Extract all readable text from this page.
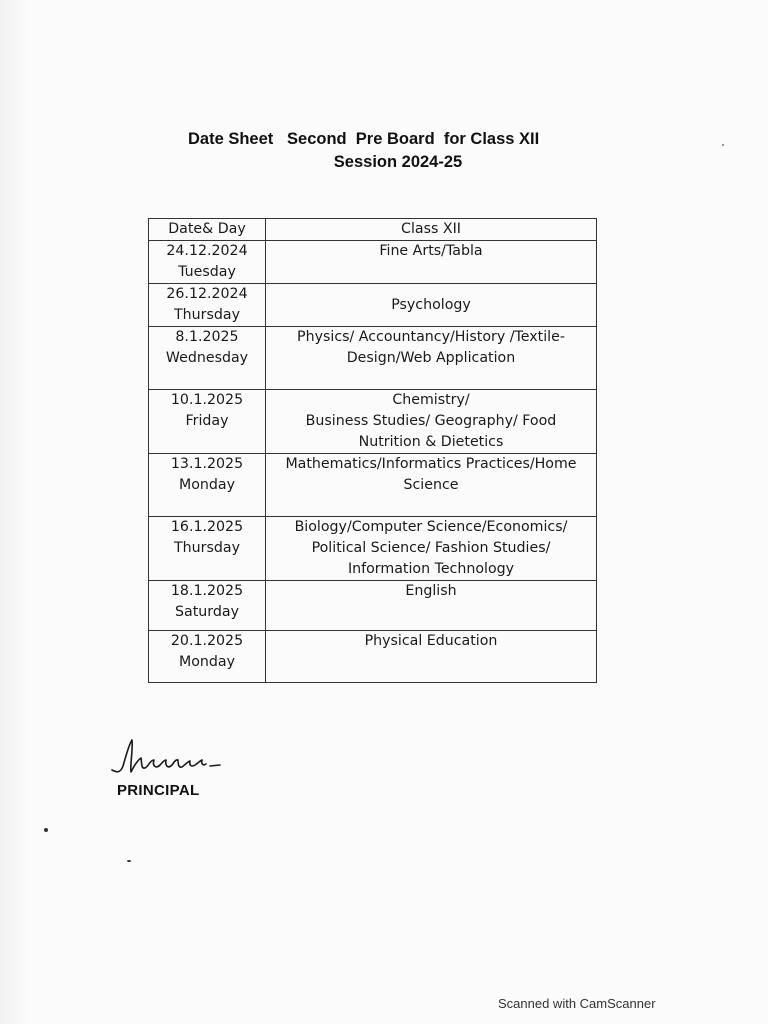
Date Sheet   Second  Pre Board  for Class XII
Session 2024-25
Date& Day	Class XII

24.12.2024
Tuesday	Fine Arts/Tabla

26.12.2024
Thursday	Psychology

8.1.2025
Wednesday	Physics/ Accountancy/History /Textile-
Design/Web Application

10.1.2025
Friday	Chemistry/
Business Studies/ Geography/ Food
Nutrition & Dietetics

13.1.2025
Monday	Mathematics/Informatics Practices/Home
Science

16.1.2025
Thursday	Biology/Computer Science/Economics/
Political Science/ Fashion Studies/
Information Technology

18.1.2025
Saturday	English

20.1.2025
Monday	Physical Education
PRINCIPAL
Scanned with CamScanner
